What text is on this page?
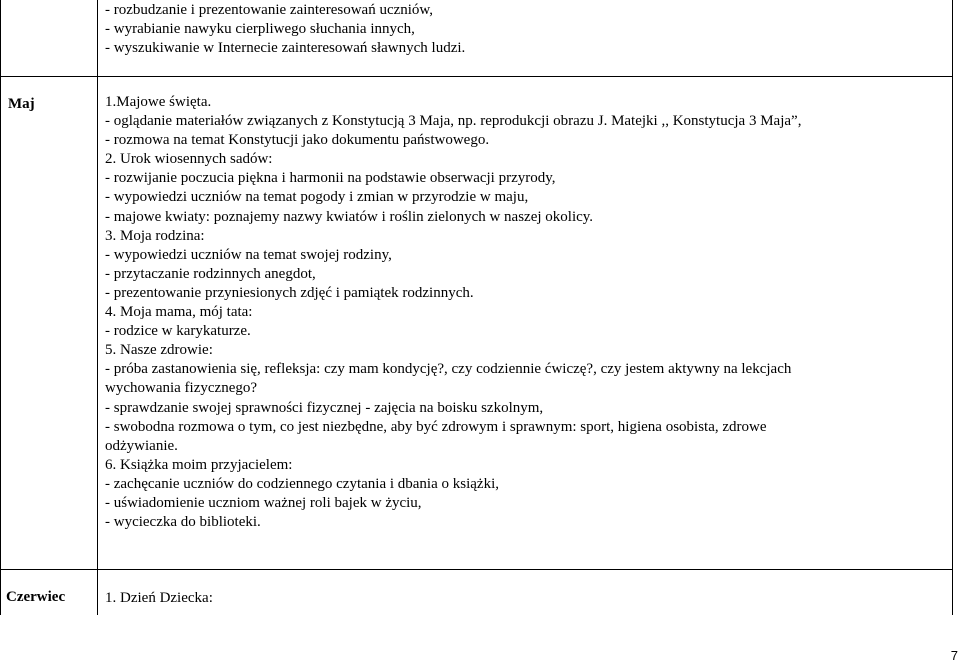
- rozbudzanie i prezentowanie zainteresowań uczniów,
- wyrabianie nawyku cierpliwego słuchania innych,
- wyszukiwanie w Internecie zainteresowań sławnych ludzi.
Maj	1.Majowe święta.
- oglądanie materiałów związanych z Konstytucją 3 Maja, np. reprodukcji obrazu J. Matejki ,, Konstytucja 3 Maja”,
- rozmowa na temat Konstytucji jako dokumentu państwowego.
2. Urok wiosennych sadów:
- rozwijanie poczucia piękna i harmonii na podstawie obserwacji przyrody,
- wypowiedzi uczniów na temat pogody i zmian w przyrodzie w maju,
- majowe kwiaty: poznajemy nazwy kwiatów i roślin zielonych w naszej okolicy.
3. Moja rodzina:
- wypowiedzi uczniów na temat swojej rodziny,
- przytaczanie rodzinnych anegdot,
- prezentowanie przyniesionych zdjęć i pamiątek rodzinnych.
4. Moja mama, mój tata:
- rodzice w karykaturze.
5. Nasze zdrowie:
- próba zastanowienia się, refleksja: czy mam kondycję?, czy codziennie ćwiczę?, czy jestem aktywny na lekcjach wychowania fizycznego?
- sprawdzanie swojej sprawności fizycznej - zajęcia na boisku szkolnym,
- swobodna rozmowa o tym, co jest niezbędne, aby być zdrowym i sprawnym: sport, higiena osobista, zdrowe odżywianie.
6. Książka moim przyjacielem:
- zachęcanie uczniów do codziennego czytania i dbania o książki,
- uświadomienie uczniom ważnej roli bajek w życiu,
- wycieczka do biblioteki.
Czerwiec	1. Dzień Dziecka:
7
